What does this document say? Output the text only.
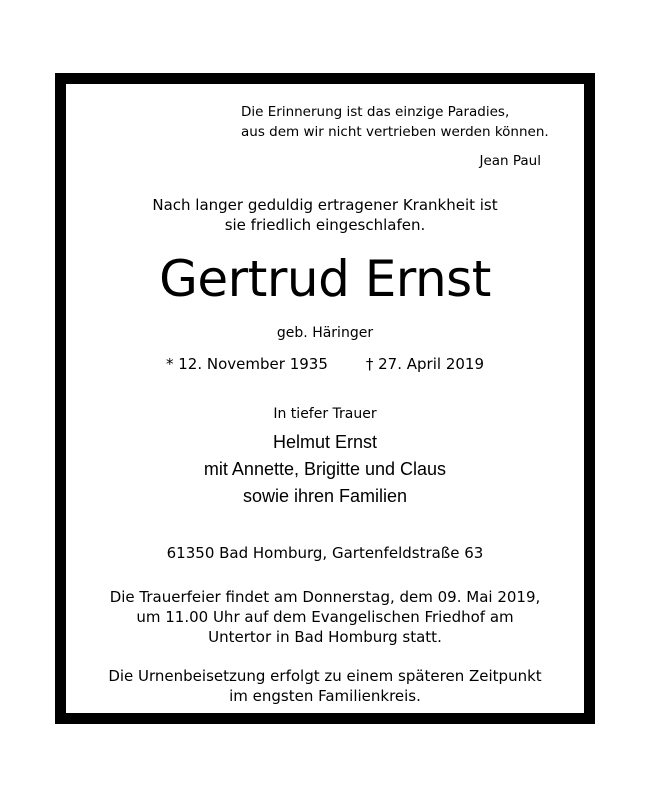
Die Erinnerung ist das einzige Paradies,
aus dem wir nicht vertrieben werden können.
Jean Paul
Nach langer geduldig ertragener Krankheit ist
sie friedlich eingeschlafen.
Gertrud Ernst
geb. Häringer
* 12. November 1935	† 27. April 2019
In tiefer Trauer
Helmut Ernst
mit Annette, Brigitte und Claus
sowie ihren Familien
61350 Bad Homburg, Gartenfeldstraße 63
Die Trauerfeier findet am Donnerstag, dem 09. Mai 2019,
um 11.00 Uhr auf dem Evangelischen Friedhof am
Untertor in Bad Homburg statt.
Die Urnenbeisetzung erfolgt zu einem späteren Zeitpunkt
im engsten Familienkreis.
